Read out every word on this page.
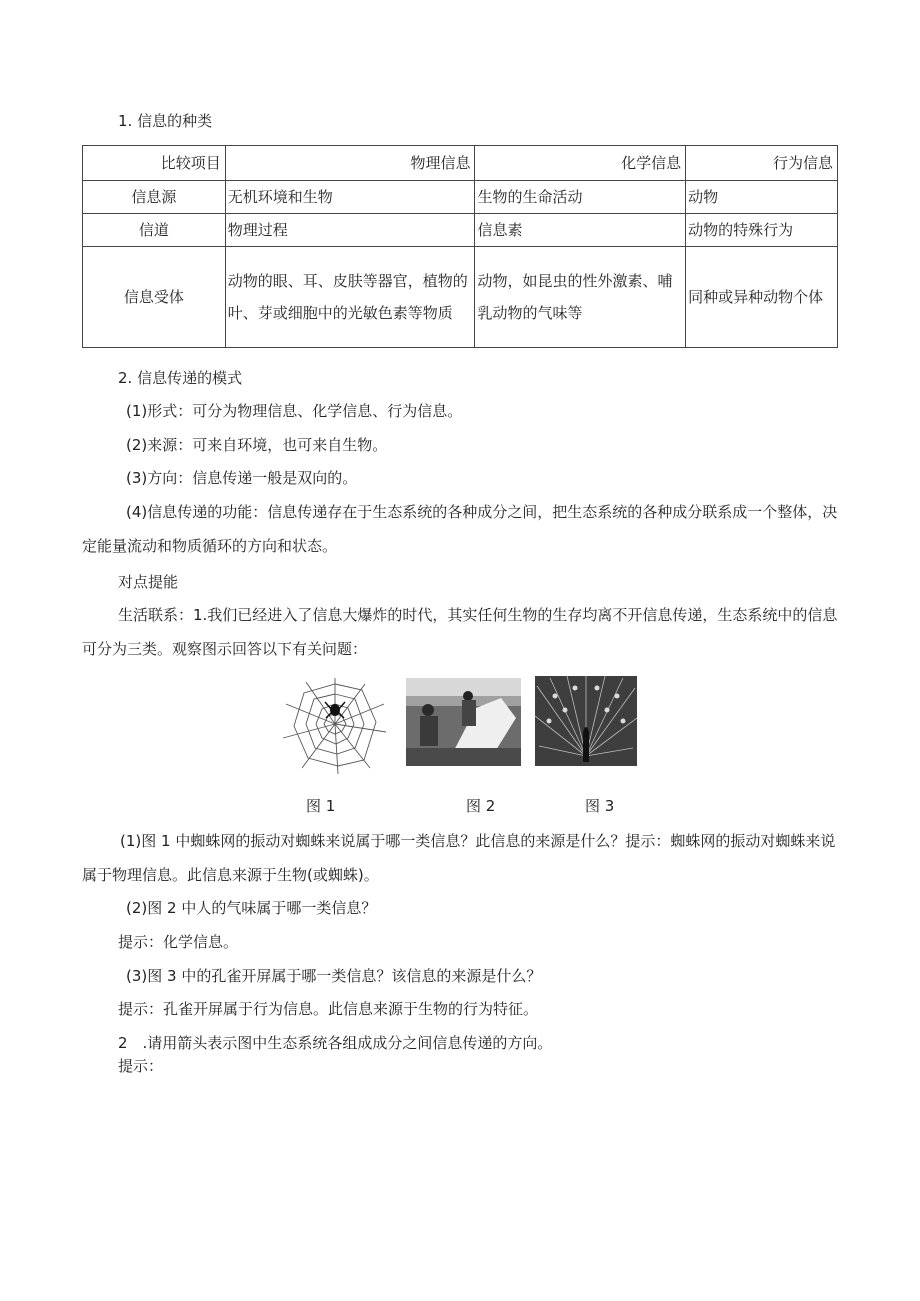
1. 信息的种类
比较项目	物理信息	化学信息	行为信息
信息源	无机环境和生物	生物的生命活动	动物
信道	物理过程	信息素	动物的特殊行为
信息受体	动物的眼、耳、皮肤等器官，植物的叶、芽或细胞中的光敏色素等物质	动物，如昆虫的性外激素、哺乳动物的气味等	同种或异种动物个体
2. 信息传递的模式
(1)形式：可分为物理信息、化学信息、行为信息。
(2)来源：可来自环境，也可来自生物。
(3)方向：信息传递一般是双向的。
(4)信息传递的功能：信息传递存在于生态系统的各种成分之间，把生态系统的各种成分联系成一个整体，决定能量流动和物质循环的方向和状态。
对点提能
生活联系：1.我们已经进入了信息大爆炸的时代，其实任何生物的生存均离不开信息传递，生态系统中的信息可分为三类。观察图示回答以下有关问题：
图 1	图 2	图 3
(1)图 1 中蜘蛛网的振动对蜘蛛来说属于哪一类信息？此信息的来源是什么？提示：蜘蛛网的振动对蜘蛛来说属于物理信息。此信息来源于生物(或蜘蛛)。
(2)图 2 中人的气味属于哪一类信息？
提示：化学信息。
(3)图 3 中的孔雀开屏属于哪一类信息？该信息的来源是什么？
提示：孔雀开屏属于行为信息。此信息来源于生物的行为特征。
2　.请用箭头表示图中生态系统各组成成分之间信息传递的方向。
提示：
